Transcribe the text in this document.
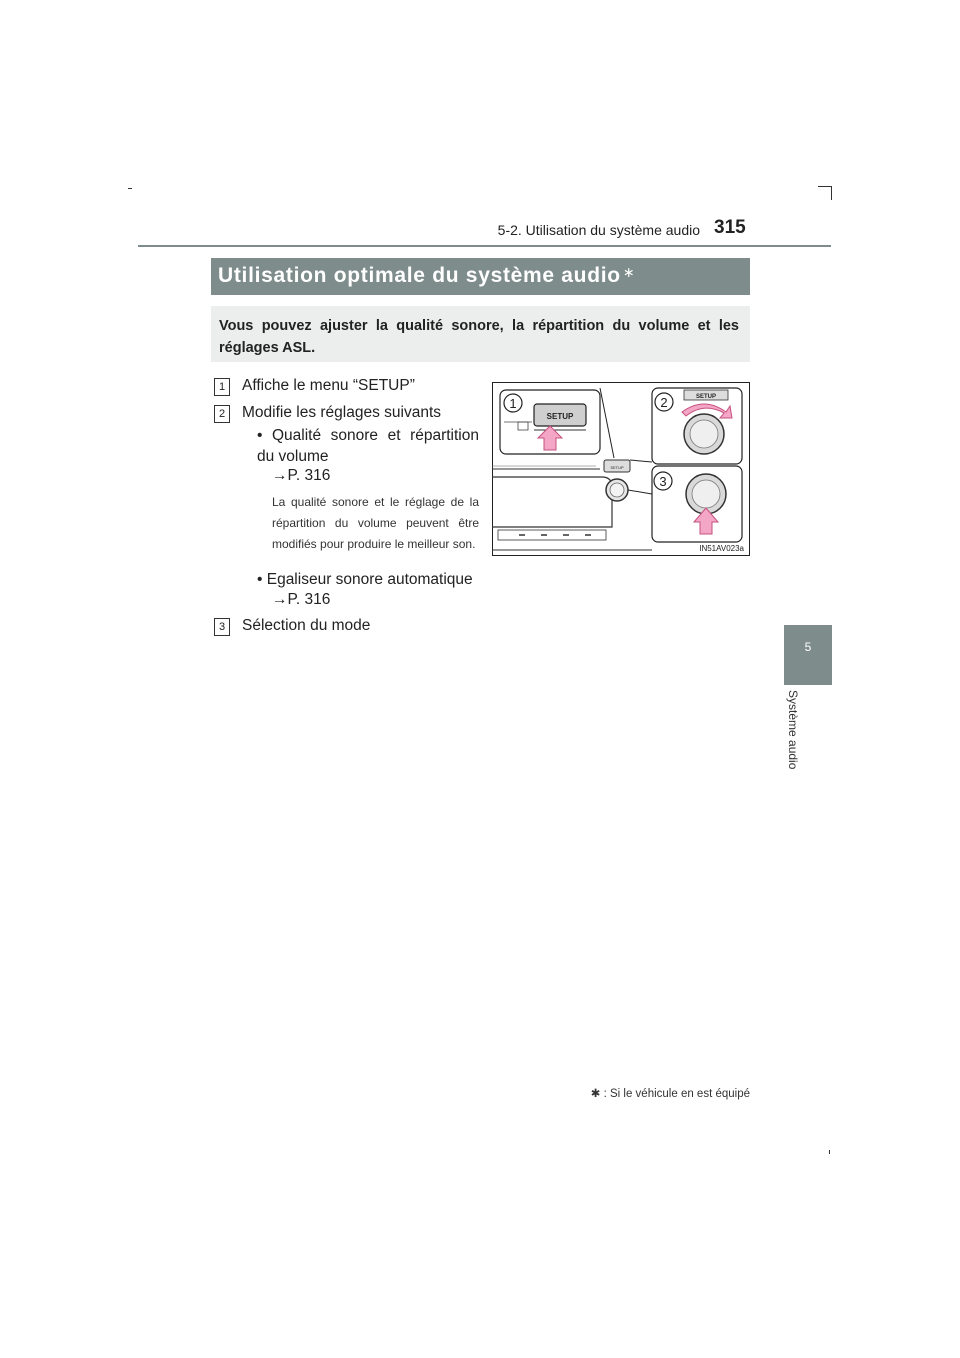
5-2. Utilisation du système audio 315
5
Système audio
Utilisation optimale du système audio ∗
Vous pouvez ajuster la qualité sonore, la répartition du volume et les réglages ASL.
1	Affiche le menu “SETUP”
2	Modifie les réglages suivants
• Qualité sonore et répartition du volume
→P. 316
La qualité sonore et le réglage de la répartition du volume peuvent être modifiés pour produire le meilleur son.
• Egaliseur sonore automatique
→P. 316
3	Sélection du mode
1	2
3
SETUP
SETUP
SETUP
IN51AV023a
✱ : Si le véhicule en est équipé
